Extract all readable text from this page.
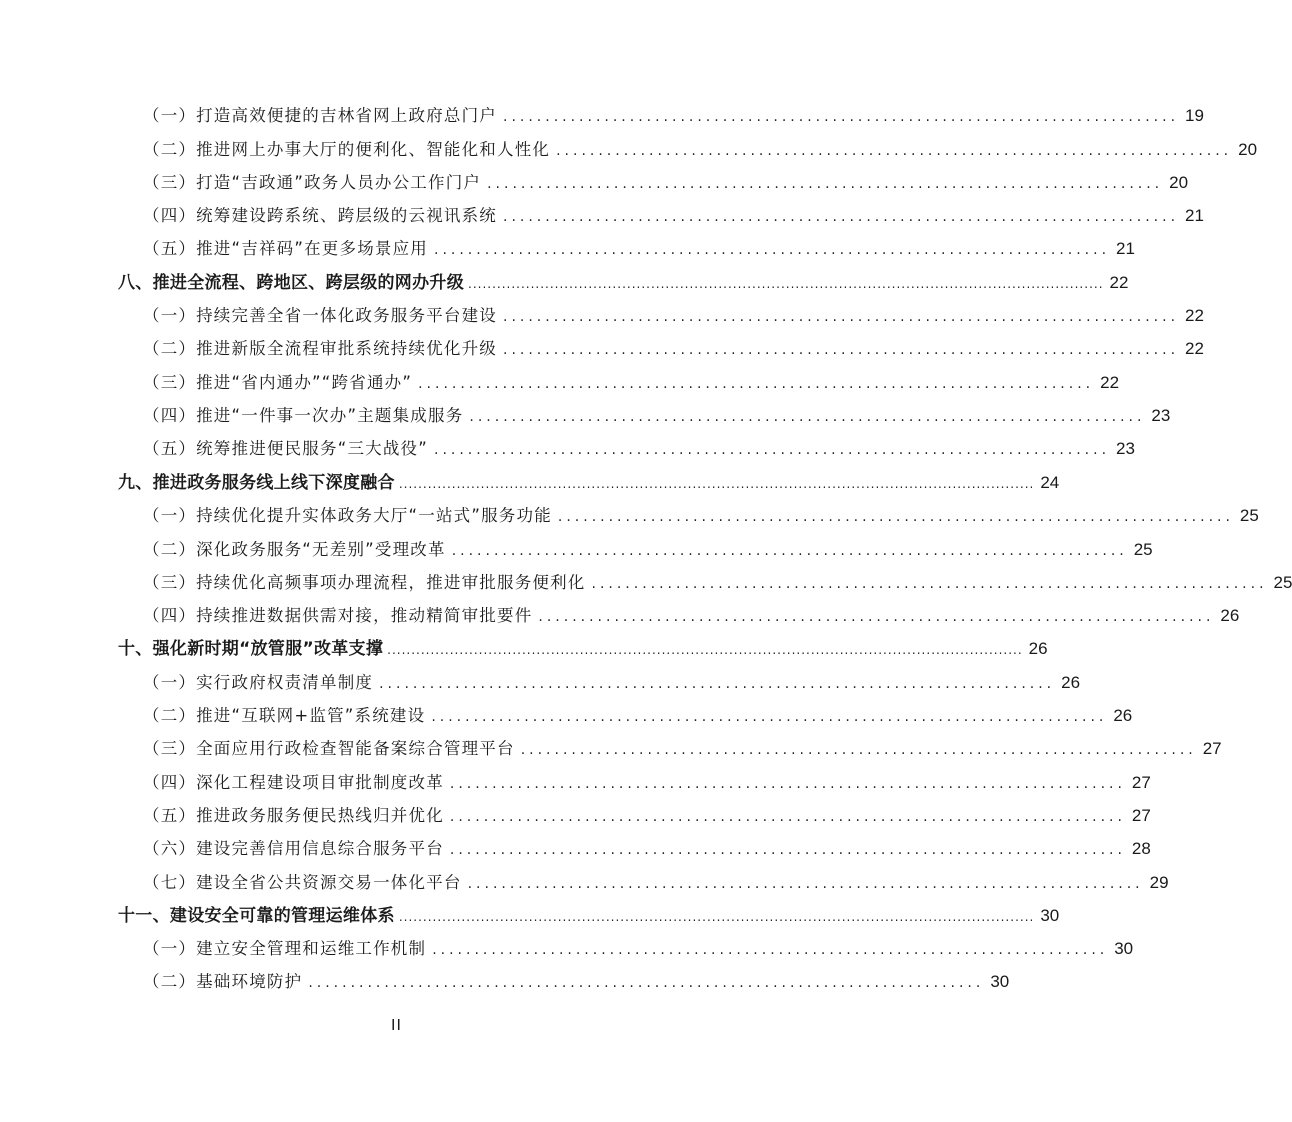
（一）打造高效便捷的吉林省网上政府总门户 ................................................................................ 19
（二）推进网上办事大厅的便利化、智能化和人性化 ................................................................................ 20
（三）打造“吉政通”政务人员办公工作门户 ................................................................................ 20
（四）统筹建设跨系统、跨层级的云视讯系统 ................................................................................ 21
（五）推进“吉祥码”在更多场景应用 ................................................................................ 21
八、推进全流程、跨地区、跨层级的网办升级 .................................................................................................................................... 22
（一）持续完善全省一体化政务服务平台建设 ................................................................................ 22
（二）推进新版全流程审批系统持续优化升级 ................................................................................ 22
（三）推进“省内通办”“跨省通办” ................................................................................ 22
（四）推进“一件事一次办”主题集成服务 ................................................................................ 23
（五）统筹推进便民服务“三大战役” ................................................................................ 23
九、推进政务服务线上线下深度融合 .................................................................................................................................... 24
（一）持续优化提升实体政务大厅“一站式”服务功能 ................................................................................ 25
（二）深化政务服务“无差别”受理改革 ................................................................................ 25
（三）持续优化高频事项办理流程，推进审批服务便利化 ................................................................................ 25
（四）持续推进数据供需对接，推动精简审批要件 ................................................................................ 26
十、强化新时期“放管服”改革支撑 .................................................................................................................................... 26
（一）实行政府权责清单制度 ................................................................................ 26
（二）推进“互联网+监管”系统建设 ................................................................................ 26
（三）全面应用行政检查智能备案综合管理平台 ................................................................................ 27
（四）深化工程建设项目审批制度改革 ................................................................................ 27
（五）推进政务服务便民热线归并优化 ................................................................................ 27
（六）建设完善信用信息综合服务平台 ................................................................................ 28
（七）建设全省公共资源交易一体化平台 ................................................................................ 29
十一、建设安全可靠的管理运维体系 .................................................................................................................................... 30
（一）建立安全管理和运维工作机制 ................................................................................ 30
（二）基础环境防护 ................................................................................ 30
II
